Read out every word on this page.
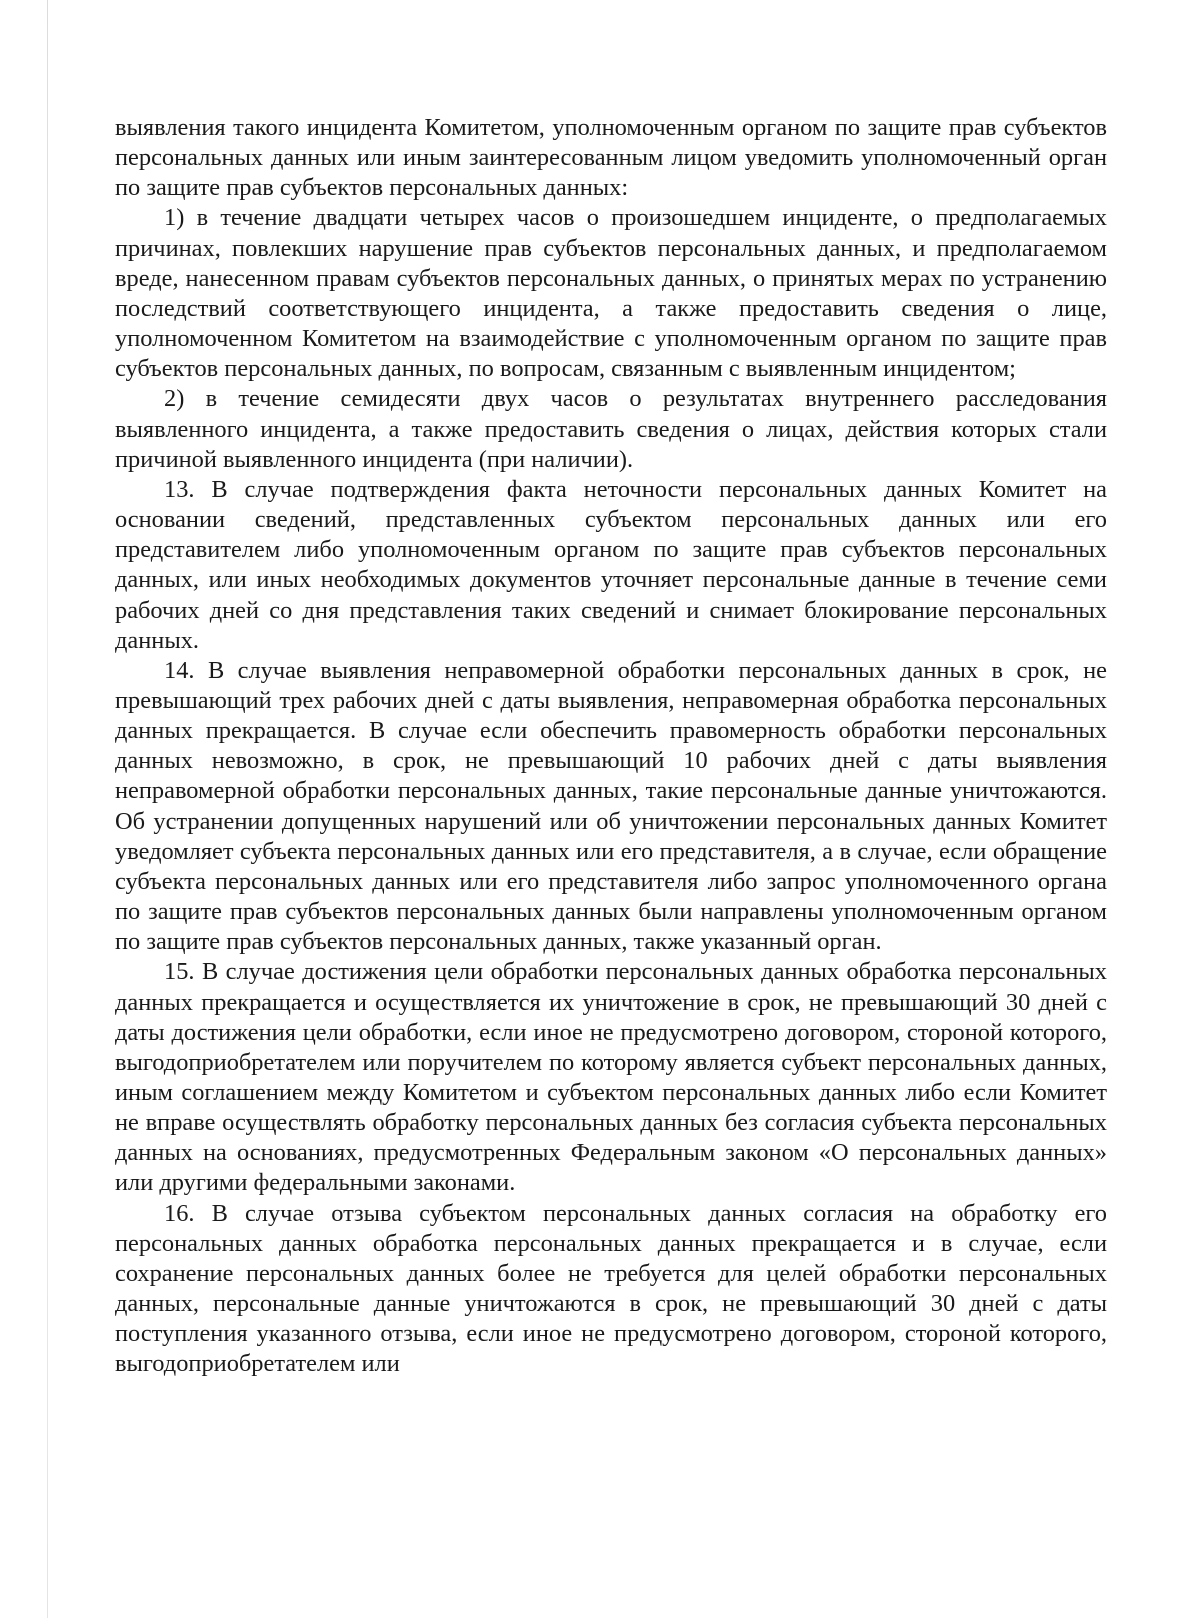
выявления такого инцидента Комитетом, уполномоченным органом по защите прав субъектов персональных данных или иным заинтересованным лицом уведомить уполномоченный орган по защите прав субъектов персональных данных:

1) в течение двадцати четырех часов о произошедшем инциденте, о предполагаемых причинах, повлекших нарушение прав субъектов персональных данных, и предполагаемом вреде, нанесенном правам субъектов персональных данных, о принятых мерах по устранению последствий соответствующего инцидента, а также предоставить сведения о лице, уполномоченном Комитетом на взаимодействие с уполномоченным органом по защите прав субъектов персональных данных, по вопросам, связанным с выявленным инцидентом;

2) в течение семидесяти двух часов о результатах внутреннего расследования выявленного инцидента, а также предоставить сведения о лицах, действия которых стали причиной выявленного инцидента (при наличии).

13. В случае подтверждения факта неточности персональных данных Комитет на основании сведений, представленных субъектом персональных данных или его представителем либо уполномоченным органом по защите прав субъектов персональных данных, или иных необходимых документов уточняет персональные данные в течение семи рабочих дней со дня представления таких сведений и снимает блокирование персональных данных.

14. В случае выявления неправомерной обработки персональных данных в срок, не превышающий трех рабочих дней с даты выявления, неправомерная обработка персональных данных прекращается. В случае если обеспечить правомерность обработки персональных данных невозможно, в срок, не превышающий 10 рабочих дней с даты выявления неправомерной обработки персональных данных, такие персональные данные уничтожаются. Об устранении допущенных нарушений или об уничтожении персональных данных Комитет уведомляет субъекта персональных данных или его представителя, а в случае, если обращение субъекта персональных данных или его представителя либо запрос уполномоченного органа по защите прав субъектов персональных данных были направлены уполномоченным органом по защите прав субъектов персональных данных, также указанный орган.

15. В случае достижения цели обработки персональных данных обработка персональных данных прекращается и осуществляется их уничтожение в срок, не превышающий 30 дней с даты достижения цели обработки, если иное не предусмотрено договором, стороной которого, выгодоприобретателем или поручителем по которому является субъект персональных данных, иным соглашением между Комитетом и субъектом персональных данных либо если Комитет не вправе осуществлять обработку персональных данных без согласия субъекта персональных данных на основаниях, предусмотренных Федеральным законом «О персональных данных» или другими федеральными законами.

16. В случае отзыва субъектом персональных данных согласия на обработку его персональных данных обработка персональных данных прекращается и в случае, если сохранение персональных данных более не требуется для целей обработки персональных данных, персональные данные уничтожаются в срок, не превышающий 30 дней с даты поступления указанного отзыва, если иное не предусмотрено договором, стороной которого, выгодоприобретателем или
